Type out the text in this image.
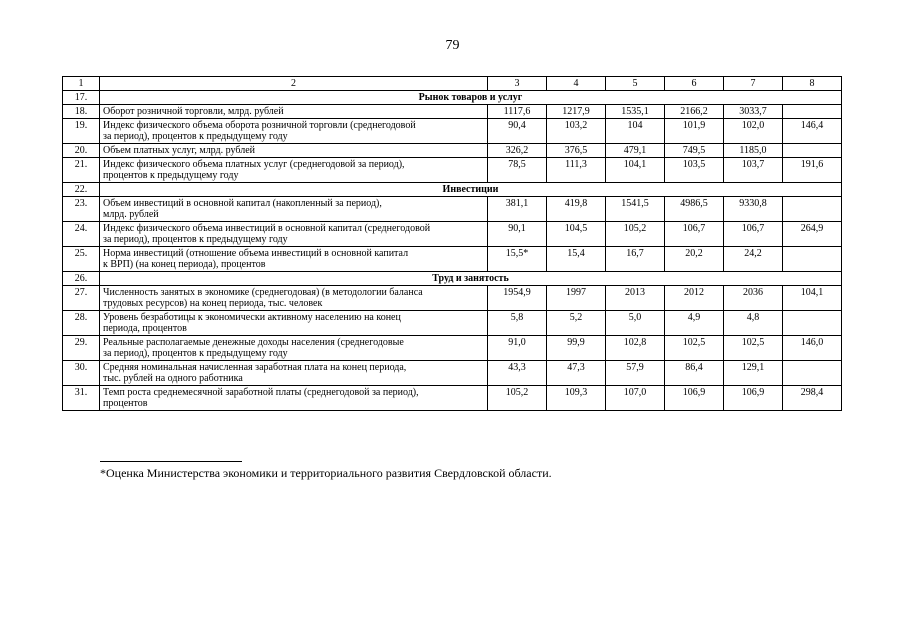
79
1	2	3	4	5	6	7	8
17.	Рынок товаров и услуг						
18.	Оборот розничной торговли, млрд. рублей	1117,6	1217,9	1535,1	2166,2	3033,7	
19.	Индекс физического объема оборота розничной торговли (среднегодовой
за период), процентов к предыдущему году	90,4	103,2	104	101,9	102,0	146,4
20.	Объем платных услуг, млрд. рублей	326,2	376,5	479,1	749,5	1185,0	
21.	Индекс физического объема платных услуг (среднегодовой за период),
процентов к предыдущему году	78,5	111,3	104,1	103,5	103,7	191,6
22.	Инвестиции						
23.	Объем инвестиций в основной капитал (накопленный за период),
млрд. рублей	381,1	419,8	1541,5	4986,5	9330,8	
24.	Индекс физического объема инвестиций в основной капитал (среднегодовой
за период), процентов к предыдущему году	90,1	104,5	105,2	106,7	106,7	264,9
25.	Норма инвестиций (отношение объема инвестиций в основной капитал
к ВРП) (на конец периода), процентов	15,5*	15,4	16,7	20,2	24,2	
26.	Труд и занятость						
27.	Численность занятых в экономике (среднегодовая) (в методологии баланса
трудовых ресурсов) на конец периода, тыс. человек	1954,9	1997	2013	2012	2036	104,1
28.	Уровень безработицы к экономически активному населению на конец
периода, процентов	5,8	5,2	5,0	4,9	4,8	
29.	Реальные располагаемые денежные доходы населения (среднегодовые
за период), процентов к предыдущему году	91,0	99,9	102,8	102,5	102,5	146,0
30.	Средняя номинальная начисленная заработная плата на конец периода,
тыс. рублей на одного работника	43,3	47,3	57,9	86,4	129,1	
31.	Темп роста среднемесячной заработной платы (среднегодовой за период),
процентов	105,2	109,3	107,0	106,9	106,9	298,4
*Оценка Министерства экономики и территориального развития Свердловской области.
